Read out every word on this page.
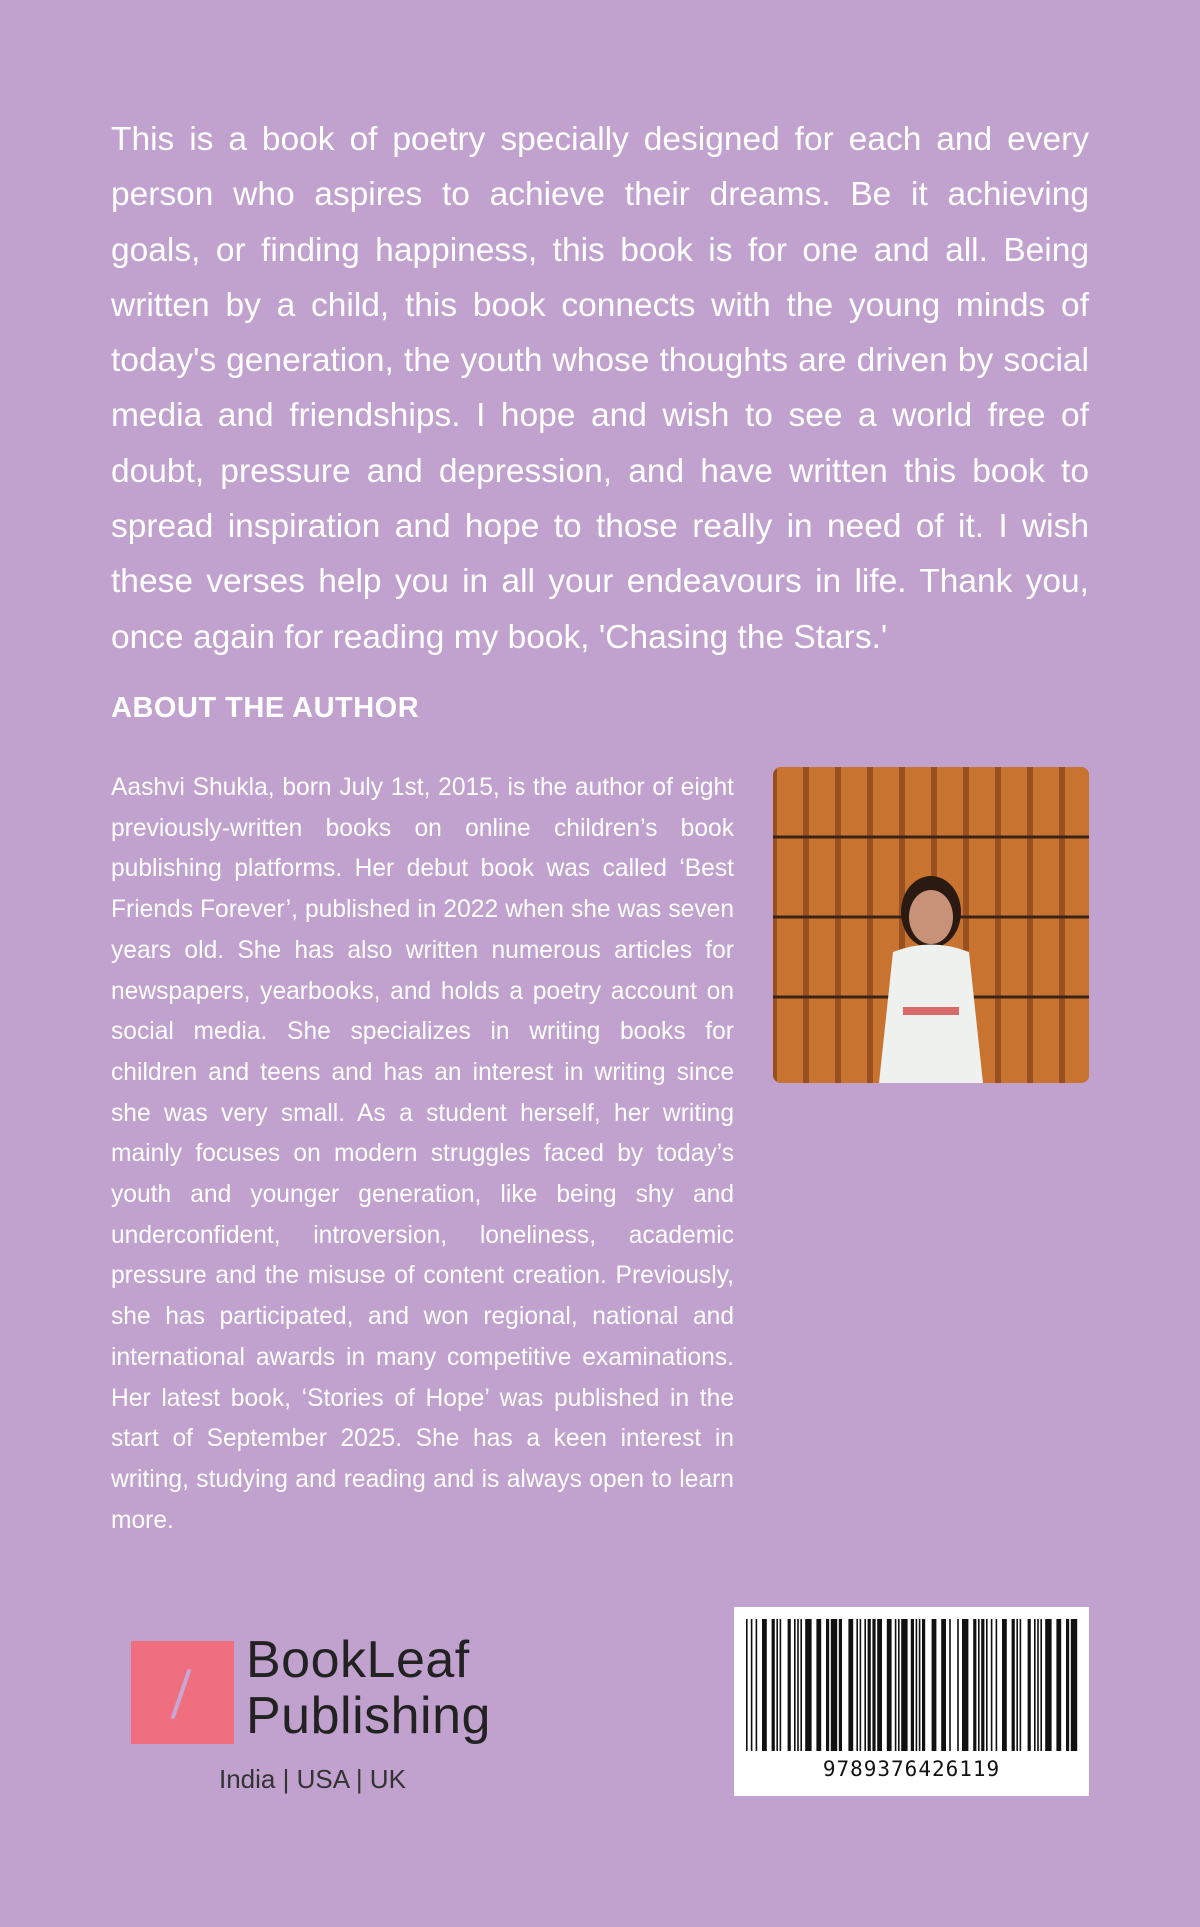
This is a book of poetry specially designed for each and every person who aspires to achieve their dreams. Be it achieving goals, or finding happiness, this book is for one and all. Being written by a child, this book connects with the young minds of today's generation, the youth whose thoughts are driven by social media and friendships. I hope and wish to see a world free of doubt, pressure and depression, and have written this book to spread inspiration and hope to those really in need of it. I wish these verses help you in all your endeavours in life. Thank you, once again for reading my book, 'Chasing the Stars.'

ABOUT THE AUTHOR

Aashvi Shukla, born July 1st, 2015, is the author of eight previously-written books on online children’s book publishing platforms. Her debut book was called ‘Best Friends Forever’, published in 2022 when she was seven years old. She has also written numerous articles for newspapers, yearbooks, and holds a poetry account on social media. She specializes in writing books for children and teens and has an interest in writing since she was very small. As a student herself, her writing mainly focuses on modern struggles faced by today’s youth and younger generation, like being shy and underconfident, introversion, loneliness, academic pressure and the misuse of content creation. Previously, she has participated, and won regional, national and international awards in many competitive examinations. Her latest book, ‘Stories of Hope’ was published in the start of September 2025. She has a keen interest in writing, studying and reading and is always open to learn more.

BookLeaf
Publishing
India | USA | UK	9789376426119
